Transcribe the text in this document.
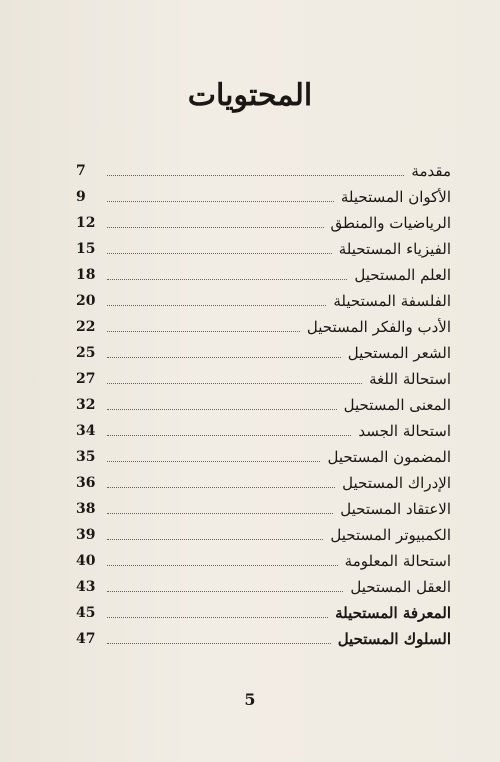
المحتويات
مقدمة
7
الأكوان المستحيلة
9
الرياضيات والمنطق
12
الفيزياء المستحيلة
15
العلم المستحيل
18
الفلسفة المستحيلة
20
الأدب والفكر المستحيل
22
الشعر المستحيل
25
استحالة اللغة
27
المعنى المستحيل
32
استحالة الجسد
34
المضمون المستحيل
35
الإدراك المستحيل
36
الاعتقاد المستحيل
38
الكمبيوتر المستحيل
39
استحالة المعلومة
40
العقل المستحيل
43
المعرفة المستحيلة
45
السلوك المستحيل
47
5
